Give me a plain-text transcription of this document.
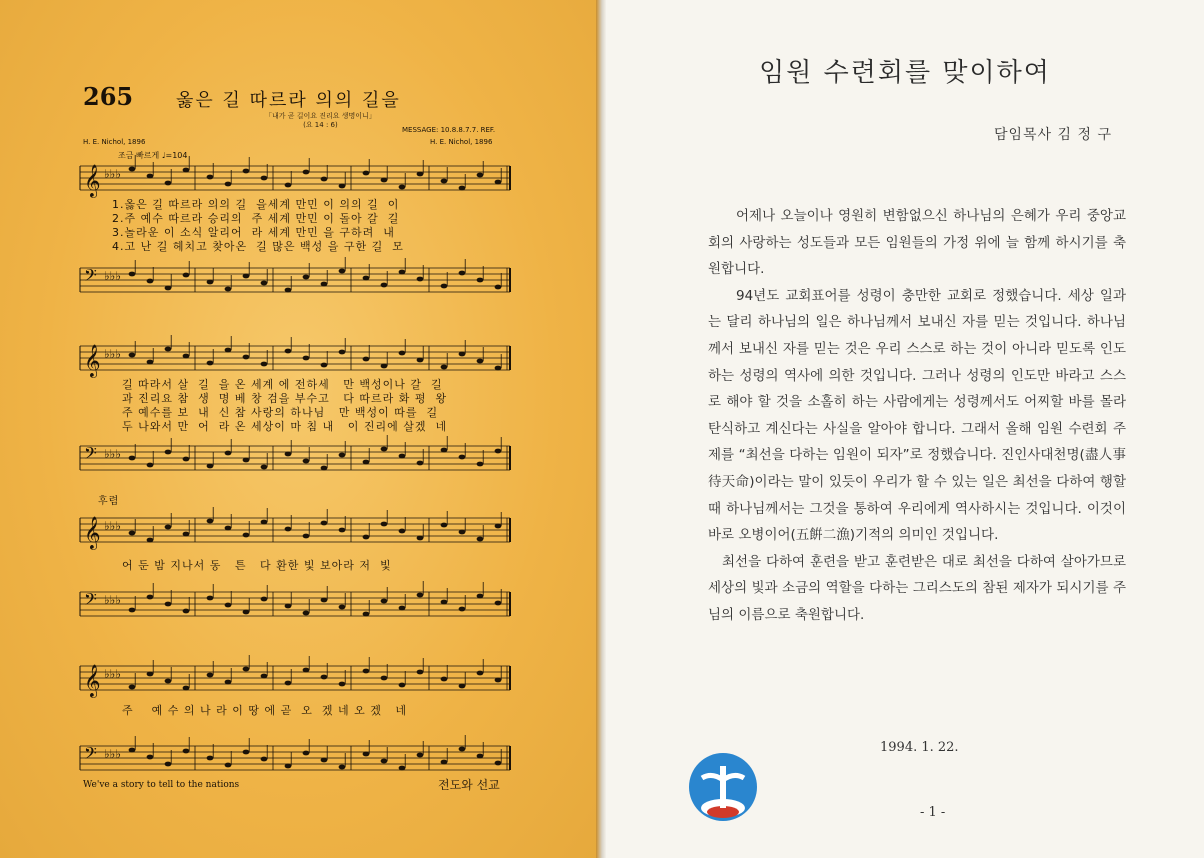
265 옳은 길 따르라 의의 길을
「내가 곧 길이요 진리요 생명이니」
(요 14 : 6)
H. E. Nichol, 1896
MESSAGE: 10.8.8.7.7. REF.
H. E. Nichol, 1896
조금 빠르게 ♩=104
𝄞 ♭♭♭
1.옳은 길 따르라 의의 길  을세계 만민 이 의의 길  이
2.주 예수 따르라 승리의  주 세계 만민 이 돌아 갈  길
3.놀라운 이 소식 알리어  라 세계 만민 을 구하려  내
4.고 난 길 헤치고 찾아온  길 많은 백성 을 구한 길  모
𝄢 ♭♭♭
𝄞 ♭♭♭
길 따라서 살  길  을 온 세계 에 전하세   만 백성이나 갈  길
과 진리요 참  생  명 베 창 검을 부수고   다 따르라 화 평  왕
주 예수를 보  내  신 참 사랑의 하나님   만 백성이 따를  길
두 나와서 만  어  라 온 세상이 마 침 내   이 진리에 살겠  네
𝄢 ♭♭♭
후렴
𝄞 ♭♭♭
어 둔 밤 지나서 동   튼   다 환한 빛 보아라 저  빛
𝄢 ♭♭♭
𝄞 ♭♭♭
주    예 수 의 나 라 이 땅 에 곧  오  겠 네 오 겠   네
𝄢 ♭♭♭
We've a story to tell to the nations	전도와 선교
임원 수련회를 맞이하여
담임목사 김 정 구

어제나 오늘이나 영원히 변함없으신 하나님의 은혜가 우리 중앙교회의 사랑하는 성도들과 모든 임원들의 가정 위에 늘 함께 하시기를 축원합니다.

94년도 교회표어를 성령이 충만한 교회로 정했습니다. 세상 일과는 달리 하나님의 일은 하나님께서 보내신 자를 믿는 것입니다. 하나님께서 보내신 자를 믿는 것은 우리 스스로 하는 것이 아니라 믿도록 인도하는 성령의 역사에 의한 것입니다. 그러나 성령의 인도만 바라고 스스로 해야 할 것을 소홀히 하는 사람에게는 성령께서도 어찌할 바를 몰라 탄식하고 계신다는 사실을 알아야 합니다. 그래서 올해 임원 수련회 주제를 “최선을 다하는 임원이 되자”로 정했습니다. 진인사대천명(盡人事待天命)이라는 말이 있듯이 우리가 할 수 있는 일은 최선을 다하여 행할때 하나님께서는 그것을 통하여 우리에게 역사하시는 것입니다. 이것이 바로 오병이어(五餠二漁)기적의 의미인 것입니다.

최선을 다하여 훈련을 받고 훈련받은 대로 최선을 다하여 살아가므로 세상의 빛과 소금의 역할을 다하는 그리스도의 참된 제자가 되시기를 주님의 이름으로 축원합니다.

1994. 1. 22.
- 1 -
